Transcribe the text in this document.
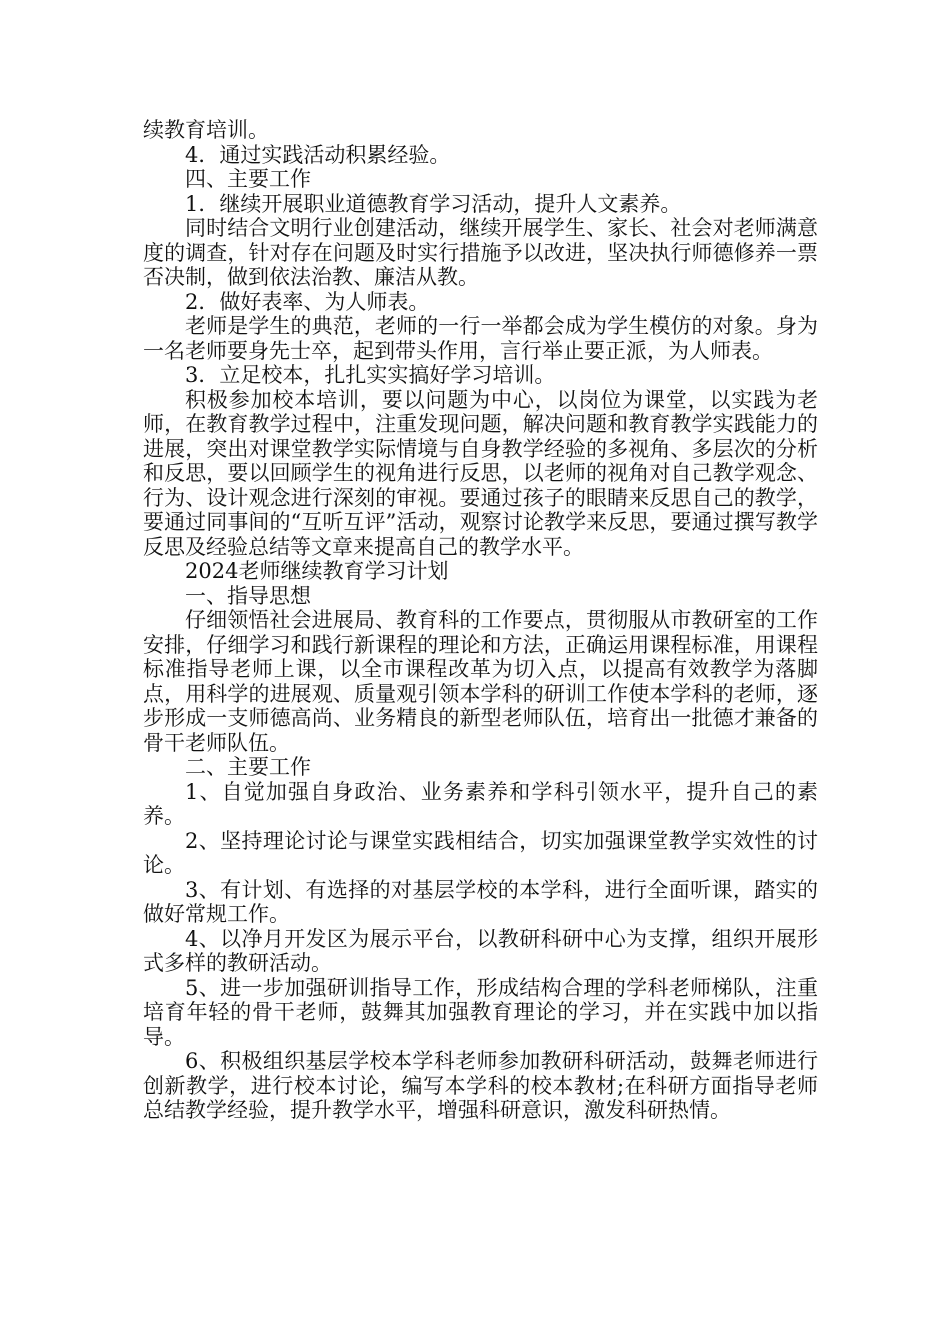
续教育培训。

4．通过实践活动积累经验。

四、主要工作

1．继续开展职业道德教育学习活动，提升人文素养。

同时结合文明行业创建活动，继续开展学生、家长、社会对老师满意度的调查，针对存在问题及时实行措施予以改进，坚决执行师德修养一票否决制，做到依法治教、廉洁从教。

2．做好表率、为人师表。

老师是学生的典范，老师的一行一举都会成为学生模仿的对象。身为一名老师要身先士卒，起到带头作用，言行举止要正派，为人师表。

3．立足校本，扎扎实实搞好学习培训。

积极参加校本培训，要以问题为中心，以岗位为课堂，以实践为老师，在教育教学过程中，注重发现问题，解决问题和教育教学实践能力的进展，突出对课堂教学实际情境与自身教学经验的多视角、多层次的分析和反思，要以回顾学生的视角进行反思，以老师的视角对自己教学观念、行为、设计观念进行深刻的审视。要通过孩子的眼睛来反思自己的教学，要通过同事间的“互听互评”活动，观察讨论教学来反思，要通过撰写教学反思及经验总结等文章来提高自己的教学水平。

2024老师继续教育学习计划

一、指导思想

仔细领悟社会进展局、教育科的工作要点，贯彻服从市教研室的工作安排，仔细学习和践行新课程的理论和方法，正确运用课程标准，用课程标准指导老师上课，以全市课程改革为切入点，以提高有效教学为落脚点，用科学的进展观、质量观引领本学科的研训工作使本学科的老师，逐步形成一支师德高尚、业务精良的新型老师队伍，培育出一批德才兼备的骨干老师队伍。

二、主要工作

1、自觉加强自身政治、业务素养和学科引领水平，提升自己的素养。

2、坚持理论讨论与课堂实践相结合，切实加强课堂教学实效性的讨论。

3、有计划、有选择的对基层学校的本学科，进行全面听课，踏实的做好常规工作。

4、以净月开发区为展示平台，以教研科研中心为支撑，组织开展形式多样的教研活动。

5、进一步加强研训指导工作，形成结构合理的学科老师梯队，注重培育年轻的骨干老师，鼓舞其加强教育理论的学习，并在实践中加以指导。

6、积极组织基层学校本学科老师参加教研科研活动，鼓舞老师进行创新教学，进行校本讨论，编写本学科的校本教材;在科研方面指导老师总结教学经验，提升教学水平，增强科研意识，激发科研热情。
